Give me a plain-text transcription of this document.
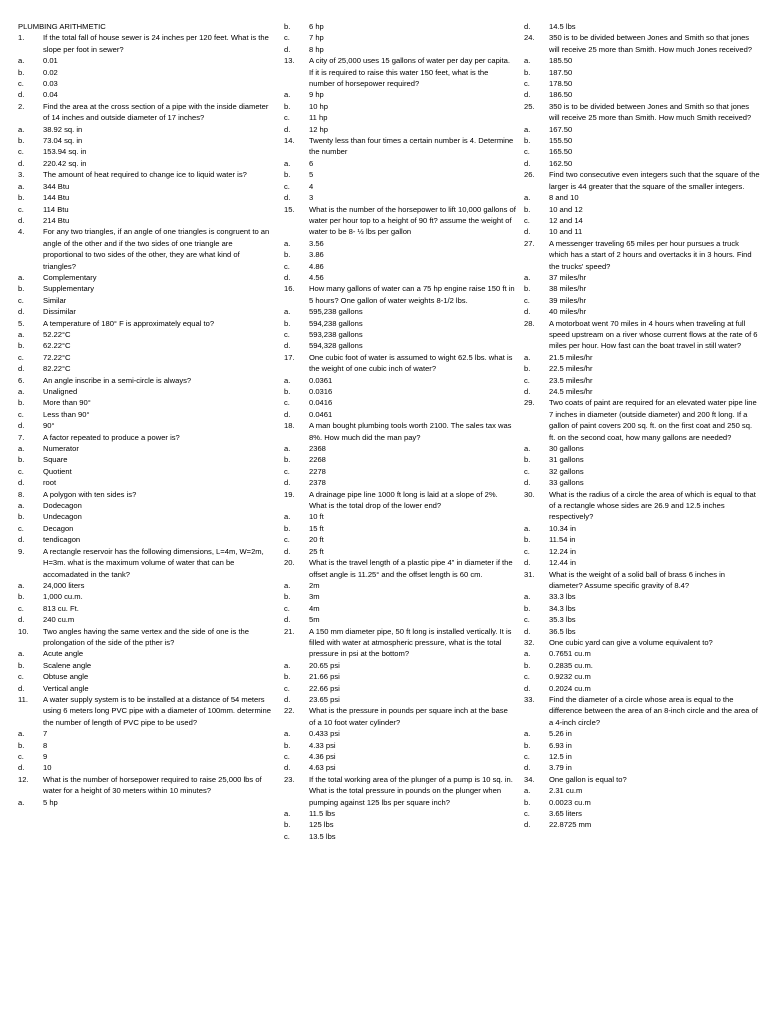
PLUMBING ARITHMETIC
1.	If the total fall of house sewer is 24 inches per 120 feet. What is the slope per foot in sewer?
a.	0.01
b.	0.02
c.	0.03
d.	0.04
2.	Find the area at the cross section of a pipe with the inside diameter of 14 inches and outside diameter of 17 inches?
a.	38.92 sq. in
b.	73.04 sq. in
c.	153.94 sq. in
d.	220.42 sq. in
3.	The amount of heat required to change ice to liquid water is?
a.	344 Btu
b.	144 Btu
c.	114 Btu
d.	214 Btu
4.	For any two triangles, if an angle of one triangles is congruent to an angle of the other and if the two sides of one triangle are proportional to two sides of the other, they are what kind of triangles?
a.	Complementary
b.	Supplementary
c.	Similar
d.	Dissimilar
5.	A temperature of 180° F is approximately equal to?
a.	52.22°C
b.	62.22°C
c.	72.22°C
d.	82.22°C
6.	An angle inscribe in a semi-circle is always?
a.	Unaligned
b.	More than 90°
c.	Less than 90°
d.	90°
7.	A factor repeated to produce a power is?
a.	Numerator
b.	Square
c.	Quotient
d.	root
8.	A polygon with ten sides is?
a.	Dodecagon
b.	Undecagon
c.	Decagon
d.	tendicagon
9.	A rectangle reservoir has the following dimensions, L=4m, W=2m, H=3m. what is the maximum volume of water that can be accomadated in the tank?
a.	24,000 liters
b.	1,000 cu.m.
c.	813 cu. Ft.
d.	240 cu.m
10.	Two angles having the same vertex and the side of one is the prolongation of the side of the pther is?
a.	Acute angle
b.	Scalene angle
c.	Obtuse angle
d.	Vertical angle
11.	A water supply system is to be installed at a distance of 54 meters using 6 meters long PVC pipe with a diameter of 100mm. determine the number of length of PVC pipe to be used?
a.	7
b.	8
c.	9
d.	10
12.	What is the number of horsepower required to raise 25,000 lbs of water for a height of 30 meters within 10 minutes?
a.	5 hp
b.	6 hp
c.	7 hp
d.	8 hp
13.	A city of 25,000 uses 15 gallons of water per day per capita. If it is required to raise this water 150 feet, what is the number of horsepower required?
a.	9 hp
b.	10 hp
c.	11 hp
d.	12 hp
14.	Twenty less than four times a certain number is 4. Determine the number
a.	6
b.	5
c.	4
d.	3
15.	What is the number of the horsepower to lift 10,000 gallons of water per hour top to a height of 90 ft? assume the weight of water to be 8- ½ lbs per gallon
a.	3.56
b.	3.86
c.	4.86
d.	4.56
16.	How many gallons of water can a 75 hp engine raise 150 ft in 5 hours? One gallon of water weights 8-1/2 lbs.
a.	595,238 gallons
b.	594,238 gallons
c.	593,238 gallons
d.	594,328 gallons
17.	One cubic foot of water is assumed to wight 62.5 lbs. what is the weight of one cubic inch of water?
a.	0.0361
b.	0.0316
c.	0.0416
d.	0.0461
18.	A man bought plumbing tools worth 2100. The sales tax was 8%. How much did the man pay?
a.	2368
b.	2268
c.	2278
d.	2378
19.	A drainage pipe line 1000 ft long is laid at a slope of 2%. What is the total drop of the lower end?
a.	10 ft
b.	15 ft
c.	20 ft
d.	25 ft
20.	What is the travel length of a plastic pipe 4" in diameter if the offset angle is 11.25° and the offset length is 60 cm.
a.	2m
b.	3m
c.	4m
d.	5m
21.	A 150 mm diameter pipe, 50 ft long is installed vertically. It is filled with water at atmospheric pressure, what is the total pressure in psi at the bottom?
a.	20.65 psi
b.	21.66 psi
c.	22.66 psi
d.	23.65 psi
22.	What is the pressure in pounds per square inch at the base of a 10 foot water cylinder?
a.	0.433 psi
b.	4.33 psi
c.	4.36 psi
d.	4.63 psi
23.	If the total working area of the plunger of a pump is 10 sq. in. What is the total pressure in pounds on the plunger when pumping against 125 lbs per square inch?
a.	11.5 lbs
b.	125 lbs
c.	13.5 lbs
d.	14.5 lbs
24.	350 is to be divided between Jones and Smith so that jones will receive 25 more than Smith. How much Jones received?
a.	185.50
b.	187.50
c.	178.50
d.	186.50
25.	350 is to be divided between Jones and Smith so that jones will receive 25 more than Smith. How much Smith received?
a.	167.50
b.	155.50
c.	165.50
d.	162.50
26.	Find two consecutive even integers such that the square of the larger is 44 greater that the square of the smaller integers.
a.	8 and 10
b.	10 and 12
c.	12 and 14
d.	10 and 11
27.	A messenger traveling 65 miles per hour pursues a truck which has a start of 2 hours and overtacks it in 3 hours. Find the trucks' speed?
a.	37 miles/hr
b.	38 miles/hr
c.	39 miles/hr
d.	40 miles/hr
28.	A motorboat went 70 miles in 4 hours when traveling at full speed upstream on a river whose current flows at the rate of 6 miles per hour. How fast can the boat travel in still water?
a.	21.5 miles/hr
b.	22.5 miles/hr
c.	23.5 miles/hr
d.	24.5 miles/hr
29.	Two coats of paint are required for an elevated water pipe line 7 inches in diameter (outside diameter) and 200 ft long. If a gallon of paint covers 200 sq. ft. on the first coat and 250 sq. ft. on the second coat, how many gallons are needed?
a.	30 gallons
b.	31 gallons
c.	32 gallons
d.	33 gallons
30.	What is the radius of a circle the area of which is equal to that of a rectangle whose sides are 26.9 and 12.5 inches respectively?
a.	10.34 in
b.	11.54 in
c.	12.24 in
d.	12.44 in
31.	What is the weight of a solid ball of brass 6 inches in diameter? Assume specific gravity of 8.4?
a.	33.3 lbs
b.	34.3 lbs
c.	35.3 lbs
d.	36.5 lbs
32.	One cubic yard can give a volume equivalent to?
a.	0.7651 cu.m
b.	0.2835 cu.m.
c.	0.9232 cu.m
d.	0.2024 cu.m
33.	Find the diameter of a circle whose area is equal to the difference between the area of an 8-inch circle and the area of a 4-inch circle?
a.	5.26 in
b.	6.93 in
c.	12.5 in
d.	3.79 in
34.	One gallon is equal to?
a.	2.31 cu.m
b.	0.0023 cu.m
c.	3.65 liters
d.	22.8725 mm
